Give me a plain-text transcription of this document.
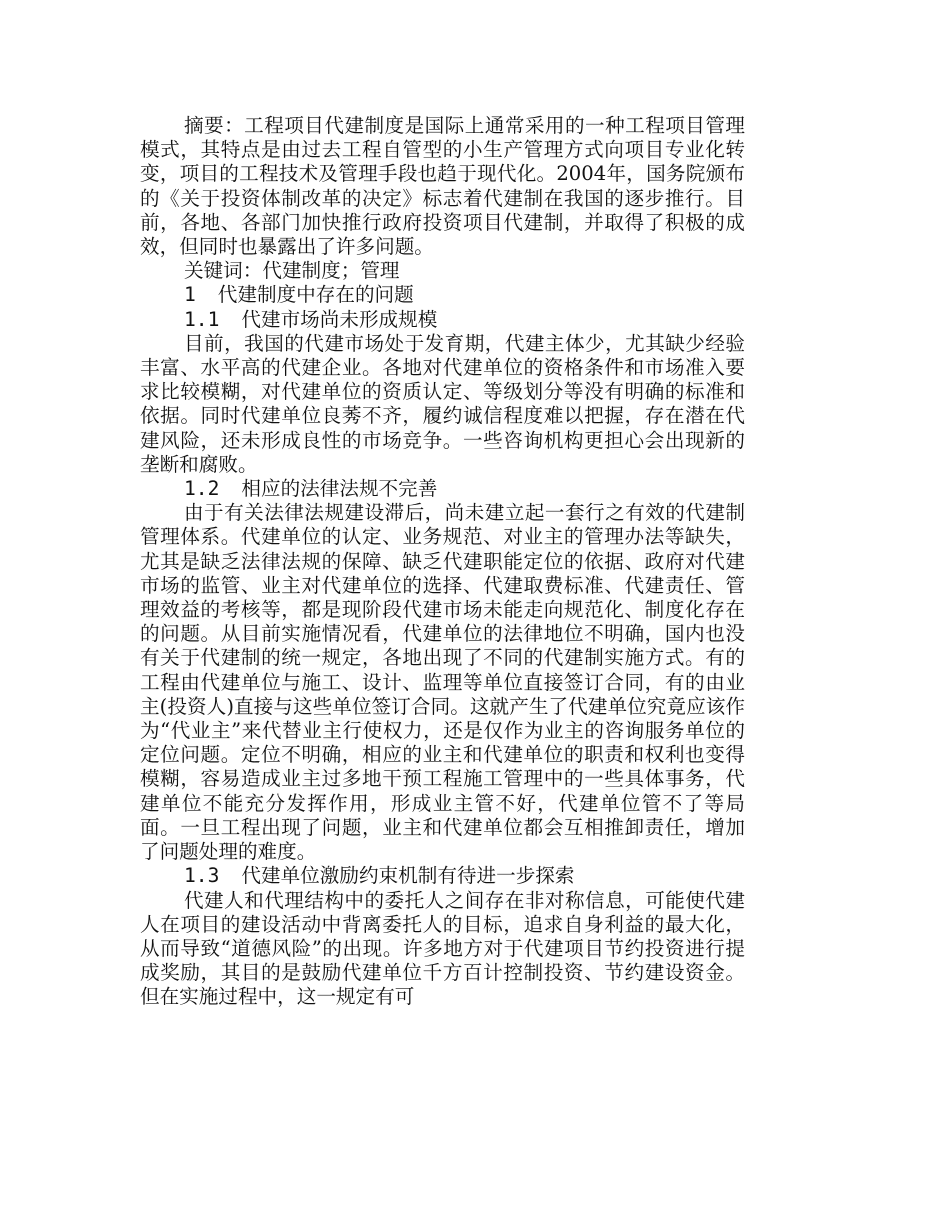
摘要：工程项目代建制度是国际上通常采用的一种工程项目管理模式，其特点是由过去工程自管型的小生产管理方式向项目专业化转变，项目的工程技术及管理手段也趋于现代化。2004年，国务院颁布的《关于投资体制改革的决定》标志着代建制在我国的逐步推行。目前，各地、各部门加快推行政府投资项目代建制，并取得了积极的成效，但同时也暴露出了许多问题。

关键词：代建制度；管理

1 代建制度中存在的问题

1.1 代建市场尚未形成规模

目前，我国的代建市场处于发育期，代建主体少，尤其缺少经验丰富、水平高的代建企业。各地对代建单位的资格条件和市场准入要求比较模糊，对代建单位的资质认定、等级划分等没有明确的标准和依据。同时代建单位良莠不齐，履约诚信程度难以把握，存在潜在代建风险，还未形成良性的市场竞争。一些咨询机构更担心会出现新的垄断和腐败。

1.2 相应的法律法规不完善

由于有关法律法规建设滞后，尚未建立起一套行之有效的代建制管理体系。代建单位的认定、业务规范、对业主的管理办法等缺失，尤其是缺乏法律法规的保障、缺乏代建职能定位的依据、政府对代建市场的监管、业主对代建单位的选择、代建取费标准、代建责任、管理效益的考核等，都是现阶段代建市场未能走向规范化、制度化存在的问题。从目前实施情况看，代建单位的法律地位不明确，国内也没有关于代建制的统一规定，各地出现了不同的代建制实施方式。有的工程由代建单位与施工、设计、监理等单位直接签订合同，有的由业主(投资人)直接与这些单位签订合同。这就产生了代建单位究竟应该作为“代业主”来代替业主行使权力，还是仅作为业主的咨询服务单位的定位问题。定位不明确，相应的业主和代建单位的职责和权利也变得模糊，容易造成业主过多地干预工程施工管理中的一些具体事务，代建单位不能充分发挥作用，形成业主管不好，代建单位管不了等局面。一旦工程出现了问题，业主和代建单位都会互相推卸责任，增加了问题处理的难度。

1.3 代建单位激励约束机制有待进一步探索

代建人和代理结构中的委托人之间存在非对称信息，可能使代建人在项目的建设活动中背离委托人的目标，追求自身利益的最大化，从而导致“道德风险”的出现。许多地方对于代建项目节约投资进行提成奖励，其目的是鼓励代建单位千方百计控制投资、节约建设资金。但在实施过程中，这一规定有可
